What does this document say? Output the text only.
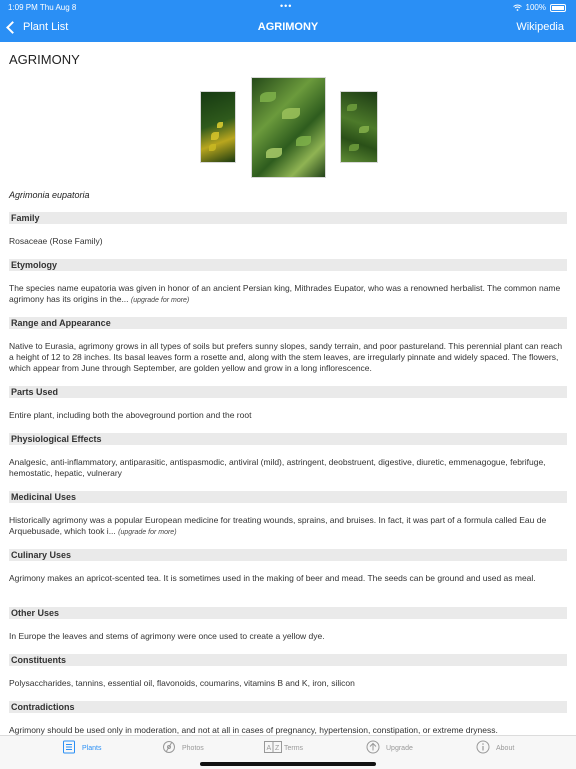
1:09 PM Thu Aug 8	•••	100%
Plant List	AGRIMONY	Wikipedia
AGRIMONY
Agrimonia eupatoria
Family
Rosaceae (Rose Family)
Etymology
The species name eupatoria was given in honor of an ancient Persian king, Mithrades Eupator, who was a renowned herbalist. The common name agrimony has its origins in the... (upgrade for more)
Range and Appearance
Native to Eurasia, agrimony grows in all types of soils but prefers sunny slopes, sandy terrain, and poor pastureland. This perennial plant can reach a height of 12 to 28 inches. Its basal leaves form a rosette and, along with the stem leaves, are irregularly pinnate and widely spaced. The flowers, which appear from June through September, are golden yellow and grow in a long inflorescence.
Parts Used
Entire plant, including both the aboveground portion and the root
Physiological Effects
Analgesic, anti-inflammatory, antiparasitic, antispasmodic, antiviral (mild), astringent, deobstruent, digestive, diuretic, emmenagogue, febrifuge, hemostatic, hepatic, vulnerary
Medicinal Uses
Historically agrimony was a popular European medicine for treating wounds, sprains, and bruises. In fact, it was part of a formula called Eau de Arquebusade, which took i... (upgrade for more)
Culinary Uses
Agrimony makes an apricot-scented tea. It is sometimes used in the making of beer and mead. The seeds can be ground and used as meal.
Other Uses
In Europe the leaves and stems of agrimony were once used to create a yellow dye.
Constituents
Polysaccharides, tannins, essential oil, flavonoids, coumarins, vitamins B and K, iron, silicon
Contradictions
Agrimony should be used only in moderation, and not at all in cases of pregnancy, hypertension, constipation, or extreme dryness.
Plants	Photos	A Z Terms	Upgrade	About
